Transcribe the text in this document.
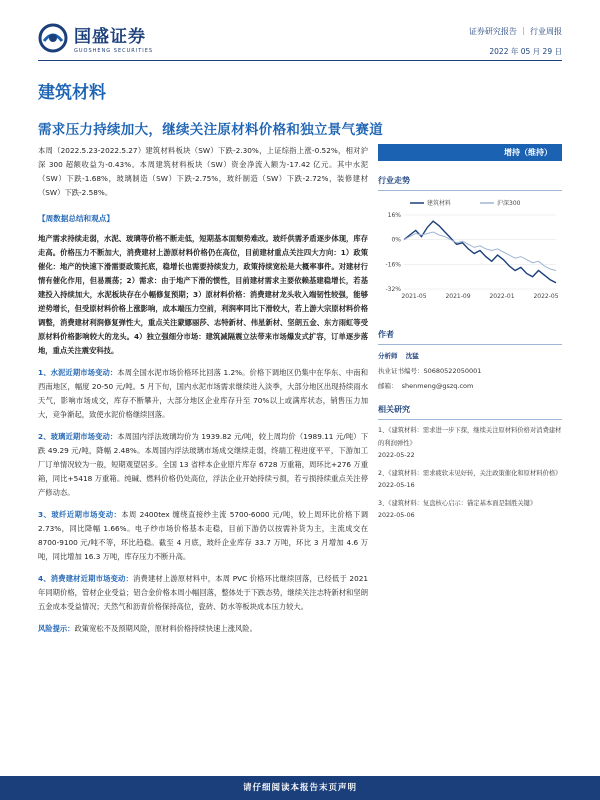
国盛证券
GUOSHENG SECURITIES
证券研究报告 ｜ 行业周报
2022 年 05 月 29 日
建筑材料
需求压力持续加大，继续关注原材料价格和独立景气赛道

本周（2022.5.23-2022.5.27）建筑材料板块（SW）下跌-2.30%，上证综指上涨-0.52%，相对沪深 300 超额收益为-0.43%。本周建筑材料板块（SW）资金净流入额为-17.42 亿元。其中水泥（SW）下跌-1.68%，玻璃制造（SW）下跌-2.75%，玻纤制造（SW）下跌-2.72%，装修建材（SW）下跌-2.58%。

【周数据总结和观点】

地产需求持续走弱，水泥、玻璃等价格不断走低，短期基本面颓势难改。玻纤供需矛盾逐步体现，库存走高。价格压力不断加大，消费建材上游原材料价格仍在高位，目前建材重点关注四大方向：1）政策催化：地产的快速下滑需要政策托底，稳增长也需要持续发力，政策持续宽松是大概率事件。对建材行情有催化作用，但易震荡；2）需求：由于地产下滑的惯性，目前建材需求主要依赖基建稳增长，若基建投入持续加大，水泥板块存在小幅修复预期；3）原材料价格：消费建材龙头收入端韧性较强，能够逆势增长，但受原材料价格上涨影响，成本端压力空前，利润率同比下滑较大，若上游大宗原材料价格调整，消费建材利润修复弹性大，重点关注蒙娜丽莎、志特新材、伟星新材、坚朗五金、东方雨虹等受原材料价格影响较大的龙头。4）独立强细分市场：建筑减隔震立法带来市场爆发式扩容，订单逐步落地，重点关注震安科技。

1、水泥近期市场变动：本周全国水泥市场价格环比回落 1.2%。价格下调地区仍集中在华东、中南和西南地区，幅度 20-50 元/吨。5 月下旬，国内水泥市场需求继续进入淡季，大部分地区出现持续雨水天气，影响市场成交，库存不断攀升，大部分地区企业库存升至 70%以上或满库状态，销售压力加大，竞争渐起，致使水泥价格继续回落。

2、玻璃近期市场变动：本周国内浮法玻璃均价为 1939.82 元/吨，较上周均价（1989.11 元/吨）下跌 49.29 元/吨，降幅 2.48%。本周国内浮法玻璃市场成交继续走弱，终端工程进度平平，下游加工厂订单情况较为一般，短期观望居多。全国 13 省样本企业原片库存 6728 万重箱，周环比+276 万重箱，同比+5418 万重箱。纯碱、燃料价格仍处高位，浮法企业开始持续亏损，若亏损持续重点关注停产修动态。

3、玻纤近期市场变动：本周 2400tex 缠绕直接纱主流 5700-6000 元/吨，较上周环比价格下调 2.73%，同比降幅 1.66%。电子纱市场价格基本走稳，目前下游仍以按需补货为主，主流成交在 8700-9100 元/吨不等，环比趋稳。截至 4 月底，玻纤企业库存 33.7 万吨，环比 3 月增加 4.6 万吨，同比增加 16.3 万吨，库存压力不断升高。

4、消费建材近期市场变动：消费建材上游原材料中，本周 PVC 价格环比继续回落，已经低于 2021 年同期价格，管材企业受益；铝合金价格本周小幅回落，整体处于下跌态势，继续关注志特新材和坚朗五金成本受益情况；天然气和沥青价格保持高位，瓷砖、防水等板块成本压力较大。

风险提示：政策宽松不及预期风险，原材料价格持续快速上涨风险。

增持（维持）
行业走势
16%
0%
-16%
-32%
2021-05	2021-09	2022-01	2022-05
建筑材料	沪深300
作者
分析师 沈猛
执业证书编号：S0680522050001
邮箱： shenmeng@gszq.com
相关研究
1、《建筑材料：需求进一步下探，继续关注原材料价格对消费建材的利润弹性》
2022-05-22
2、《建筑材料：需求疲软未见好转，关注政策催化和原材料价格》
2022-05-16
3、《建筑材料：复盘核心启示：锚定基本面是制胜关键》
2022-05-06
请仔细阅读本报告末页声明
